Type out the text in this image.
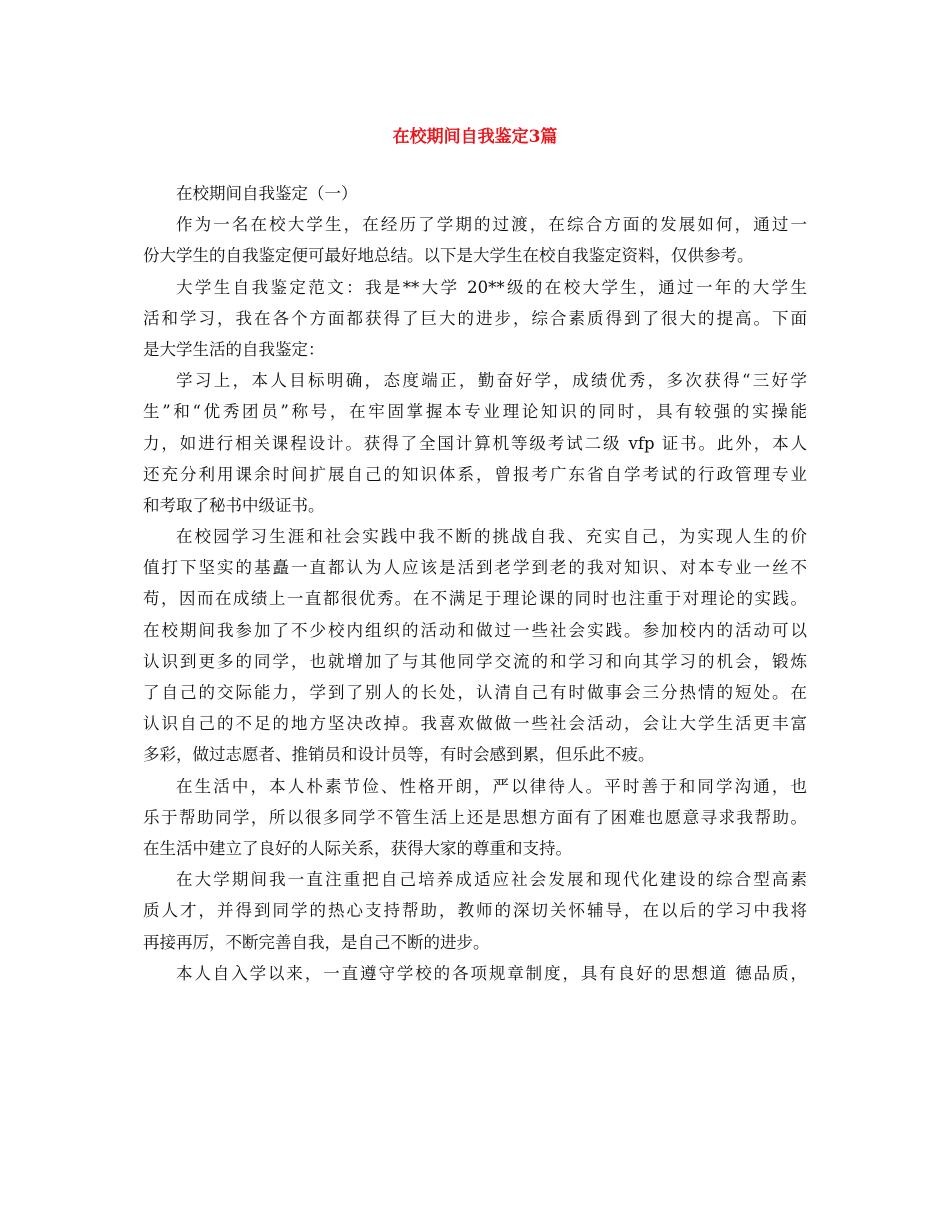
在校期间自我鉴定3篇
在校期间自我鉴定（一）
作为一名在校大学生，在经历了学期的过渡，在综合方面的发展如何，通过一
份大学生的自我鉴定便可最好地总结。以下是大学生在校自我鉴定资料，仅供参考。
大学生自我鉴定范文：我是**大学 20**级的在校大学生，通过一年的大学生
活和学习，我在各个方面都获得了巨大的进步，综合素质得到了很大的提高。下面
是大学生活的自我鉴定：
学习上，本人目标明确，态度端正，勤奋好学，成绩优秀，多次获得“三好学
生”和“优秀团员”称号，在牢固掌握本专业理论知识的同时，具有较强的实操能
力，如进行相关课程设计。获得了全国计算机等级考试二级 vfp 证书。此外，本人
还充分利用课余时间扩展自己的知识体系，曾报考广东省自学考试的行政管理专业
和考取了秘书中级证书。
在校园学习生涯和社会实践中我不断的挑战自我、充实自己，为实现人生的价
值打下坚实的基矗一直都认为人应该是活到老学到老的我对知识、对本专业一丝不
苟，因而在成绩上一直都很优秀。在不满足于理论课的同时也注重于对理论的实践。
在校期间我参加了不少校内组织的活动和做过一些社会实践。参加校内的活动可以
认识到更多的同学，也就增加了与其他同学交流的和学习和向其学习的机会，锻炼
了自己的交际能力，学到了别人的长处，认清自己有时做事会三分热情的短处。在
认识自己的不足的地方坚决改掉。我喜欢做做一些社会活动，会让大学生活更丰富
多彩，做过志愿者、推销员和设计员等，有时会感到累，但乐此不疲。
在生活中，本人朴素节俭、性格开朗，严以律待人。平时善于和同学沟通，也
乐于帮助同学，所以很多同学不管生活上还是思想方面有了困难也愿意寻求我帮助。
在生活中建立了良好的人际关系，获得大家的尊重和支持。
在大学期间我一直注重把自己培养成适应社会发展和现代化建设的综合型高素
质人才，并得到同学的热心支持帮助，教师的深切关怀辅导，在以后的学习中我将
再接再厉，不断完善自我，是自己不断的进步。
本人自入学以来，一直遵守学校的各项规章制度，具有良好的思想道 德品质，
